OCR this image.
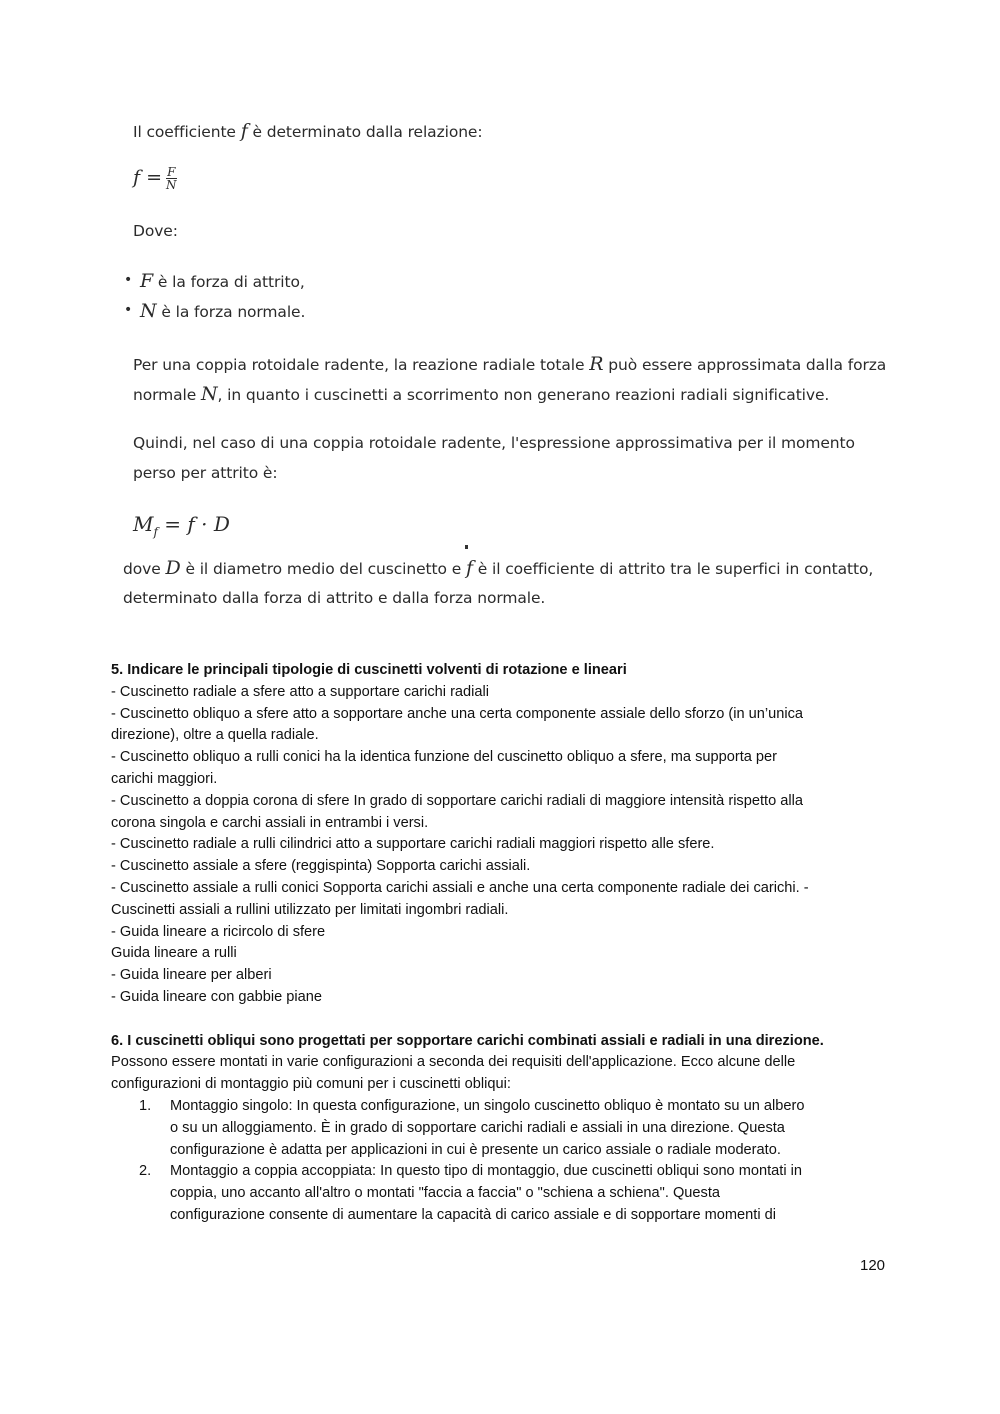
Il coefficiente f è determinato dalla relazione:
$f = \frac{F}{N}$
Dove:
• F è la forza di attrito,
• N è la forza normale.
Per una coppia rotoidale radente, la reazione radiale totale R può essere approssimata dalla forza
normale N, in quanto i cuscinetti a scorrimento non generano reazioni radiali significative.
Quindi, nel caso di una coppia rotoidale radente, l'espressione approssimativa per il momento
perso per attrito è:
$M_f = f \cdot D$
dove D è il diametro medio del cuscinetto e f è il coefficiente di attrito tra le superfici in contatto,
determinato dalla forza di attrito e dalla forza normale.

5. Indicare le principali tipologie di cuscinetti volventi di rotazione e lineari

- Cuscinetto radiale a sfere atto a supportare carichi radiali

- Cuscinetto obliquo a sfere atto a sopportare anche una certa componente assiale dello sforzo (in un’unica

direzione), oltre a quella radiale.

- Cuscinetto obliquo a rulli conici ha la identica funzione del cuscinetto obliquo a sfere, ma supporta per

carichi maggiori.

- Cuscinetto a doppia corona di sfere In grado di sopportare carichi radiali di maggiore intensità rispetto alla

corona singola e carchi assiali in entrambi i versi.

- Cuscinetto radiale a rulli cilindrici atto a supportare carichi radiali maggiori rispetto alle sfere.

- Cuscinetto assiale a sfere (reggispinta) Sopporta carichi assiali.

- Cuscinetto assiale a rulli conici Sopporta carichi assiali e anche una certa componente radiale dei carichi. -

Cuscinetti assiali a rullini utilizzato per limitati ingombri radiali.

- Guida lineare a ricircolo di sfere

Guida lineare a rulli

- Guida lineare per alberi

- Guida lineare con gabbie piane

6. I cuscinetti obliqui sono progettati per sopportare carichi combinati assiali e radiali in una direzione.

Possono essere montati in varie configurazioni a seconda dei requisiti dell'applicazione. Ecco alcune delle

configurazioni di montaggio più comuni per i cuscinetti obliqui:

1. Montaggio singolo: In questa configurazione, un singolo cuscinetto obliquo è montato su un albero

o su un alloggiamento. È in grado di sopportare carichi radiali e assiali in una direzione. Questa

configurazione è adatta per applicazioni in cui è presente un carico assiale o radiale moderato.

2. Montaggio a coppia accoppiata: In questo tipo di montaggio, due cuscinetti obliqui sono montati in

coppia, uno accanto all'altro o montati "faccia a faccia" o "schiena a schiena". Questa

configurazione consente di aumentare la capacità di carico assiale e di sopportare momenti di

120
